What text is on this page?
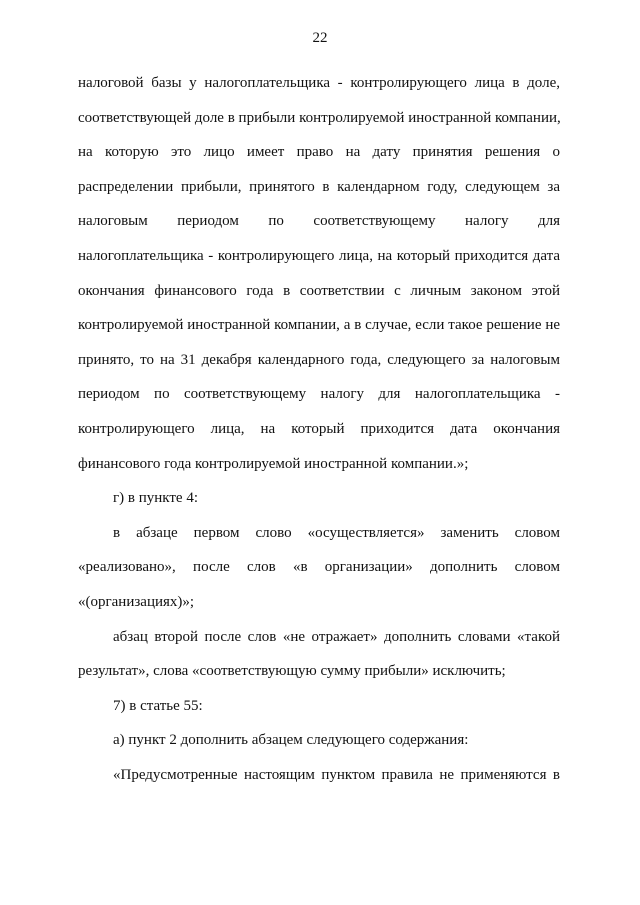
22
налоговой базы у налогоплательщика - контролирующего лица в доле,
соответствующей доле в прибыли контролируемой иностранной компании,
на которую это лицо имеет право на дату принятия решения о
распределении прибыли, принятого в календарном году, следующем за
налоговым периодом по соответствующему налогу для
налогоплательщика - контролирующего лица, на который приходится дата
окончания финансового года в соответствии с личным законом этой
контролируемой иностранной компании, а в случае, если такое решение не
принято, то на 31 декабря календарного года, следующего за налоговым
периодом по соответствующему налогу для налогоплательщика -
контролирующего лица, на который приходится дата окончания
финансового года контролируемой иностранной компании.»;
г) в пункте 4:
в абзаце первом слово «осуществляется» заменить словом
«реализовано», после слов «в организации» дополнить словом
«(организациях)»;
абзац второй после слов «не отражает» дополнить словами «такой
результат», слова «соответствующую сумму прибыли» исключить;
7) в статье 55:
а) пункт 2 дополнить абзацем следующего содержания:
«Предусмотренные настоящим пунктом правила не применяются в
